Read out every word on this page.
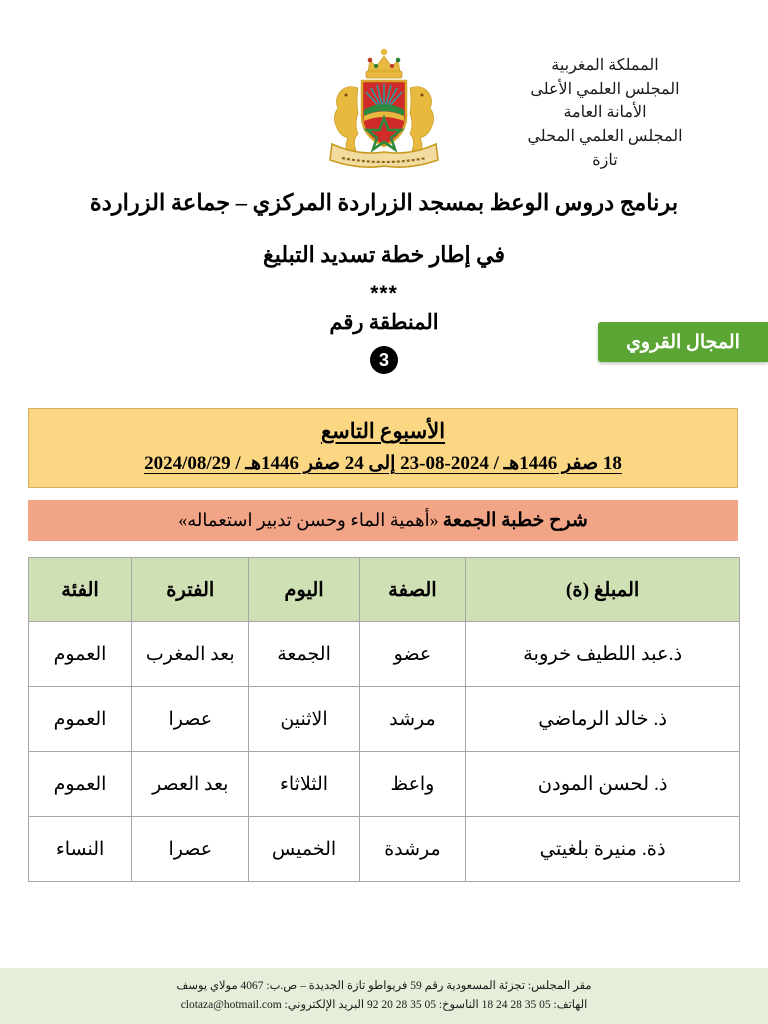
المملكة المغربية
المجلس العلمي الأعلى
الأمانة العامة
المجلس العلمي المحلي
تازة
برنامج دروس الوعظ بمسجد الزراردة المركزي – جماعة الزراردة
في إطار خطة تسديد التبليغ
***
المنطقة رقم
3
المجال القروي
الأسبوع التاسع
18 صفر 1446هـ / 2024-08-23 إلى 24 صفر 1446هـ / 2024/08/29
شرح خطبة الجمعة «أهمية الماء وحسن تدبير استعماله»
المبلغ (ة)	الصفة	اليوم	الفترة	الفئة
ذ.عبد اللطيف خروبة	عضو	الجمعة	بعد المغرب	العموم
ذ. خالد الرماضي	مرشد	الاثنين	عصرا	العموم
ذ. لحسن المودن	واعظ	الثلاثاء	بعد العصر	العموم
ذة. منيرة بلغيتي	مرشدة	الخميس	عصرا	النساء
مقر المجلس: تجزئة المسعودية رقم 59 فريواطو تازة الجديدة – ص.ب: 4067 مولاي يوسف
الهاتف: 05 35 28 24 18 الناسوخ: 05 35 28 20 92 البريد الإلكتروني: clotaza@hotmail.com
